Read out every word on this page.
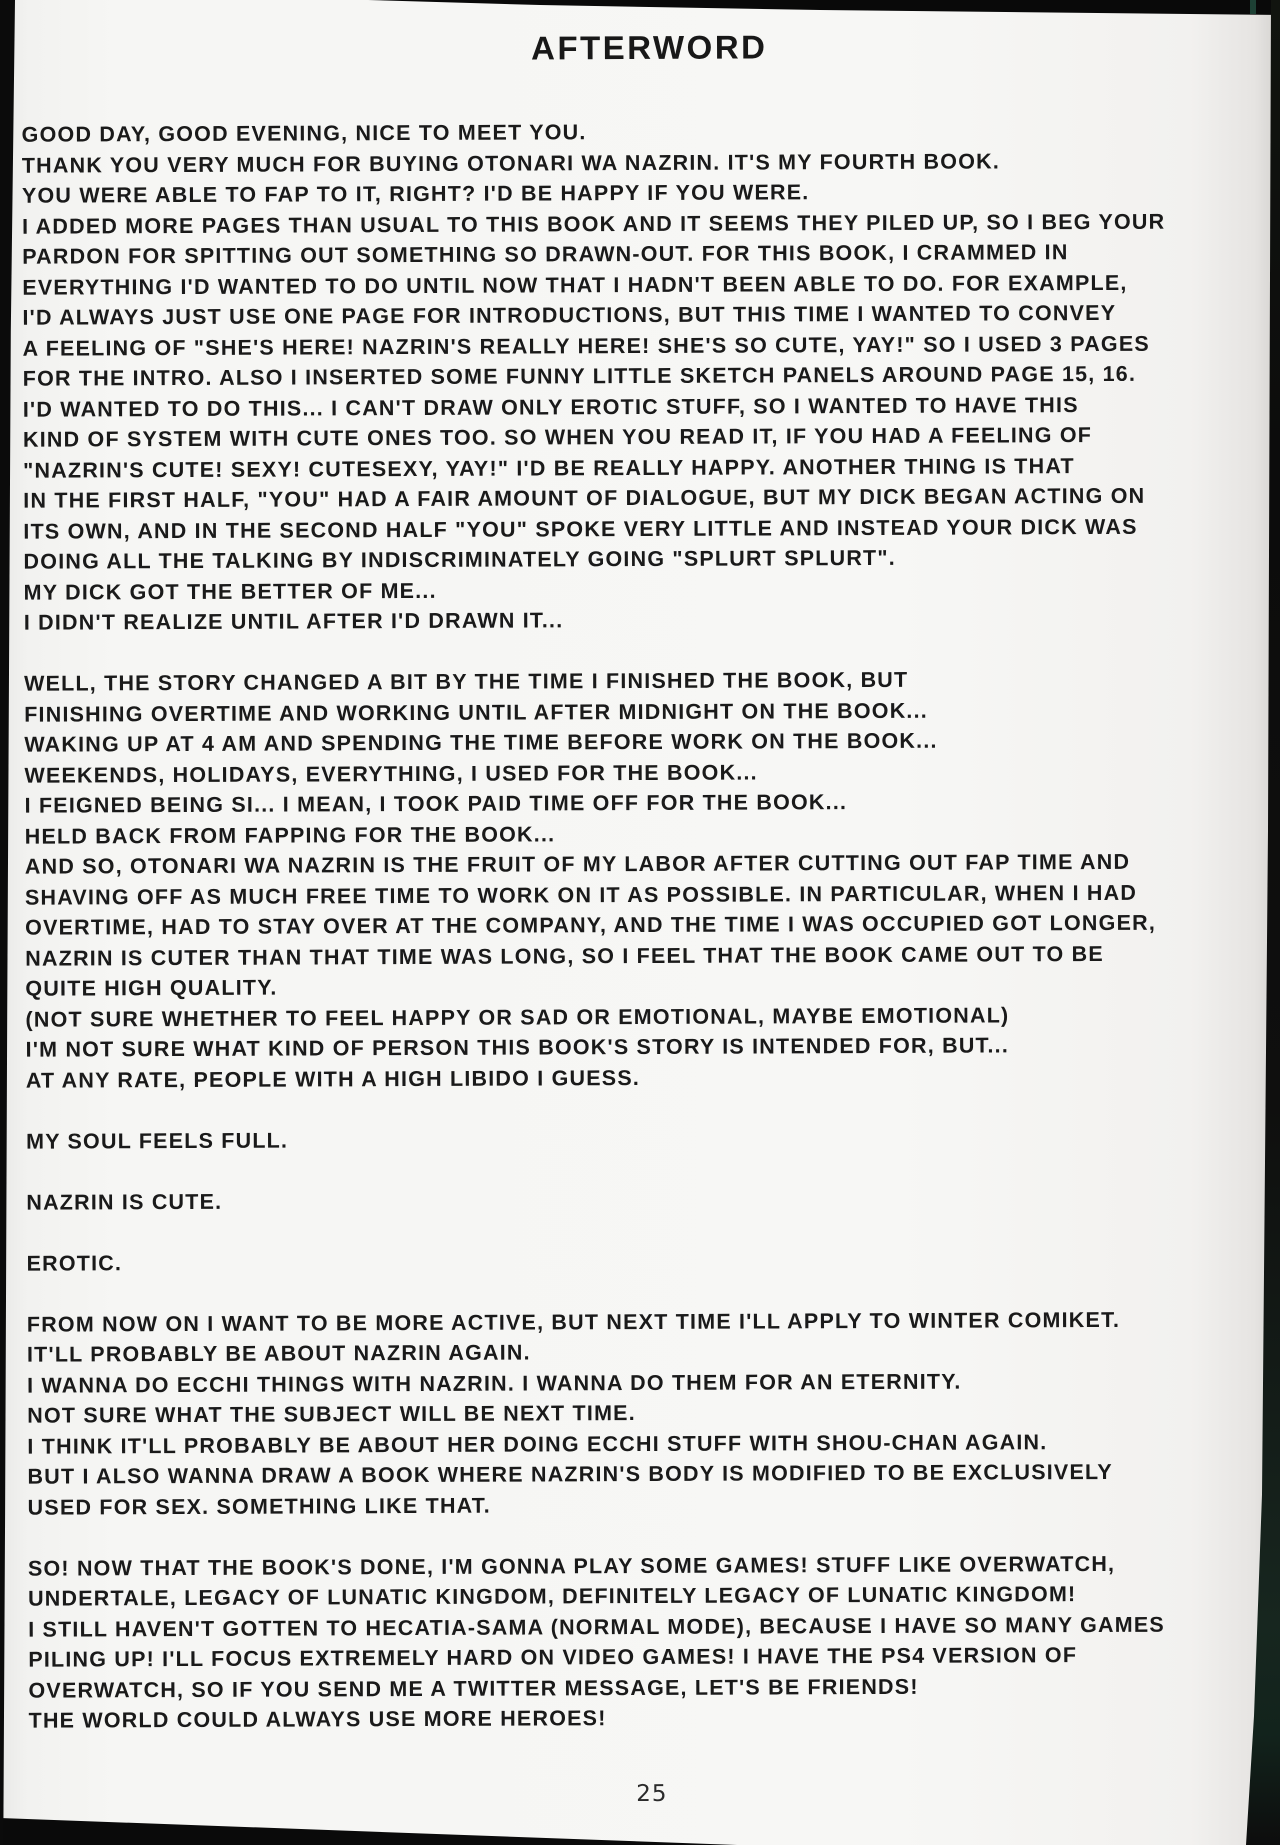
AFTERWORD
GOOD DAY, GOOD EVENING, NICE TO MEET YOU.
THANK YOU VERY MUCH FOR BUYING OTONARI WA NAZRIN. IT'S MY FOURTH BOOK.
YOU WERE ABLE TO FAP TO IT, RIGHT? I'D BE HAPPY IF YOU WERE.
I ADDED MORE PAGES THAN USUAL TO THIS BOOK AND IT SEEMS THEY PILED UP, SO I BEG YOUR
PARDON FOR SPITTING OUT SOMETHING SO DRAWN-OUT. FOR THIS BOOK, I CRAMMED IN
EVERYTHING I'D WANTED TO DO UNTIL NOW THAT I HADN'T BEEN ABLE TO DO. FOR EXAMPLE,
I'D ALWAYS JUST USE ONE PAGE FOR INTRODUCTIONS, BUT THIS TIME I WANTED TO CONVEY
A FEELING OF "SHE'S HERE! NAZRIN'S REALLY HERE! SHE'S SO CUTE, YAY!" SO I USED 3 PAGES
FOR THE INTRO. ALSO I INSERTED SOME FUNNY LITTLE SKETCH PANELS AROUND PAGE 15, 16.
I'D WANTED TO DO THIS... I CAN'T DRAW ONLY EROTIC STUFF, SO I WANTED TO HAVE THIS
KIND OF SYSTEM WITH CUTE ONES TOO. SO WHEN YOU READ IT, IF YOU HAD A FEELING OF
"NAZRIN'S CUTE! SEXY! CUTESEXY, YAY!" I'D BE REALLY HAPPY. ANOTHER THING IS THAT
IN THE FIRST HALF, "YOU" HAD A FAIR AMOUNT OF DIALOGUE, BUT MY DICK BEGAN ACTING ON
ITS OWN, AND IN THE SECOND HALF "YOU" SPOKE VERY LITTLE AND INSTEAD YOUR DICK WAS
DOING ALL THE TALKING BY INDISCRIMINATELY GOING "SPLURT SPLURT".
MY DICK GOT THE BETTER OF ME...
I DIDN'T REALIZE UNTIL AFTER I'D DRAWN IT...
WELL, THE STORY CHANGED A BIT BY THE TIME I FINISHED THE BOOK, BUT
FINISHING OVERTIME AND WORKING UNTIL AFTER MIDNIGHT ON THE BOOK...
WAKING UP AT 4 AM AND SPENDING THE TIME BEFORE WORK ON THE BOOK...
WEEKENDS, HOLIDAYS, EVERYTHING, I USED FOR THE BOOK...
I FEIGNED BEING SI... I MEAN, I TOOK PAID TIME OFF FOR THE BOOK...
HELD BACK FROM FAPPING FOR THE BOOK...
AND SO, OTONARI WA NAZRIN IS THE FRUIT OF MY LABOR AFTER CUTTING OUT FAP TIME AND
SHAVING OFF AS MUCH FREE TIME TO WORK ON IT AS POSSIBLE. IN PARTICULAR, WHEN I HAD
OVERTIME, HAD TO STAY OVER AT THE COMPANY, AND THE TIME I WAS OCCUPIED GOT LONGER,
NAZRIN IS CUTER THAN THAT TIME WAS LONG, SO I FEEL THAT THE BOOK CAME OUT TO BE
QUITE HIGH QUALITY.
(NOT SURE WHETHER TO FEEL HAPPY OR SAD OR EMOTIONAL, MAYBE EMOTIONAL)
I'M NOT SURE WHAT KIND OF PERSON THIS BOOK'S STORY IS INTENDED FOR, BUT...
AT ANY RATE, PEOPLE WITH A HIGH LIBIDO I GUESS.
MY SOUL FEELS FULL.
NAZRIN IS CUTE.
EROTIC.
FROM NOW ON I WANT TO BE MORE ACTIVE, BUT NEXT TIME I'LL APPLY TO WINTER COMIKET.
IT'LL PROBABLY BE ABOUT NAZRIN AGAIN.
I WANNA DO ECCHI THINGS WITH NAZRIN. I WANNA DO THEM FOR AN ETERNITY.
NOT SURE WHAT THE SUBJECT WILL BE NEXT TIME.
I THINK IT'LL PROBABLY BE ABOUT HER DOING ECCHI STUFF WITH SHOU-CHAN AGAIN.
BUT I ALSO WANNA DRAW A BOOK WHERE NAZRIN'S BODY IS MODIFIED TO BE EXCLUSIVELY
USED FOR SEX. SOMETHING LIKE THAT.
SO! NOW THAT THE BOOK'S DONE, I'M GONNA PLAY SOME GAMES! STUFF LIKE OVERWATCH,
UNDERTALE, LEGACY OF LUNATIC KINGDOM, DEFINITELY LEGACY OF LUNATIC KINGDOM!
I STILL HAVEN'T GOTTEN TO HECATIA-SAMA (NORMAL MODE), BECAUSE I HAVE SO MANY GAMES
PILING UP! I'LL FOCUS EXTREMELY HARD ON VIDEO GAMES! I HAVE THE PS4 VERSION OF
OVERWATCH, SO IF YOU SEND ME A TWITTER MESSAGE, LET'S BE FRIENDS!
THE WORLD COULD ALWAYS USE MORE HEROES!
25
